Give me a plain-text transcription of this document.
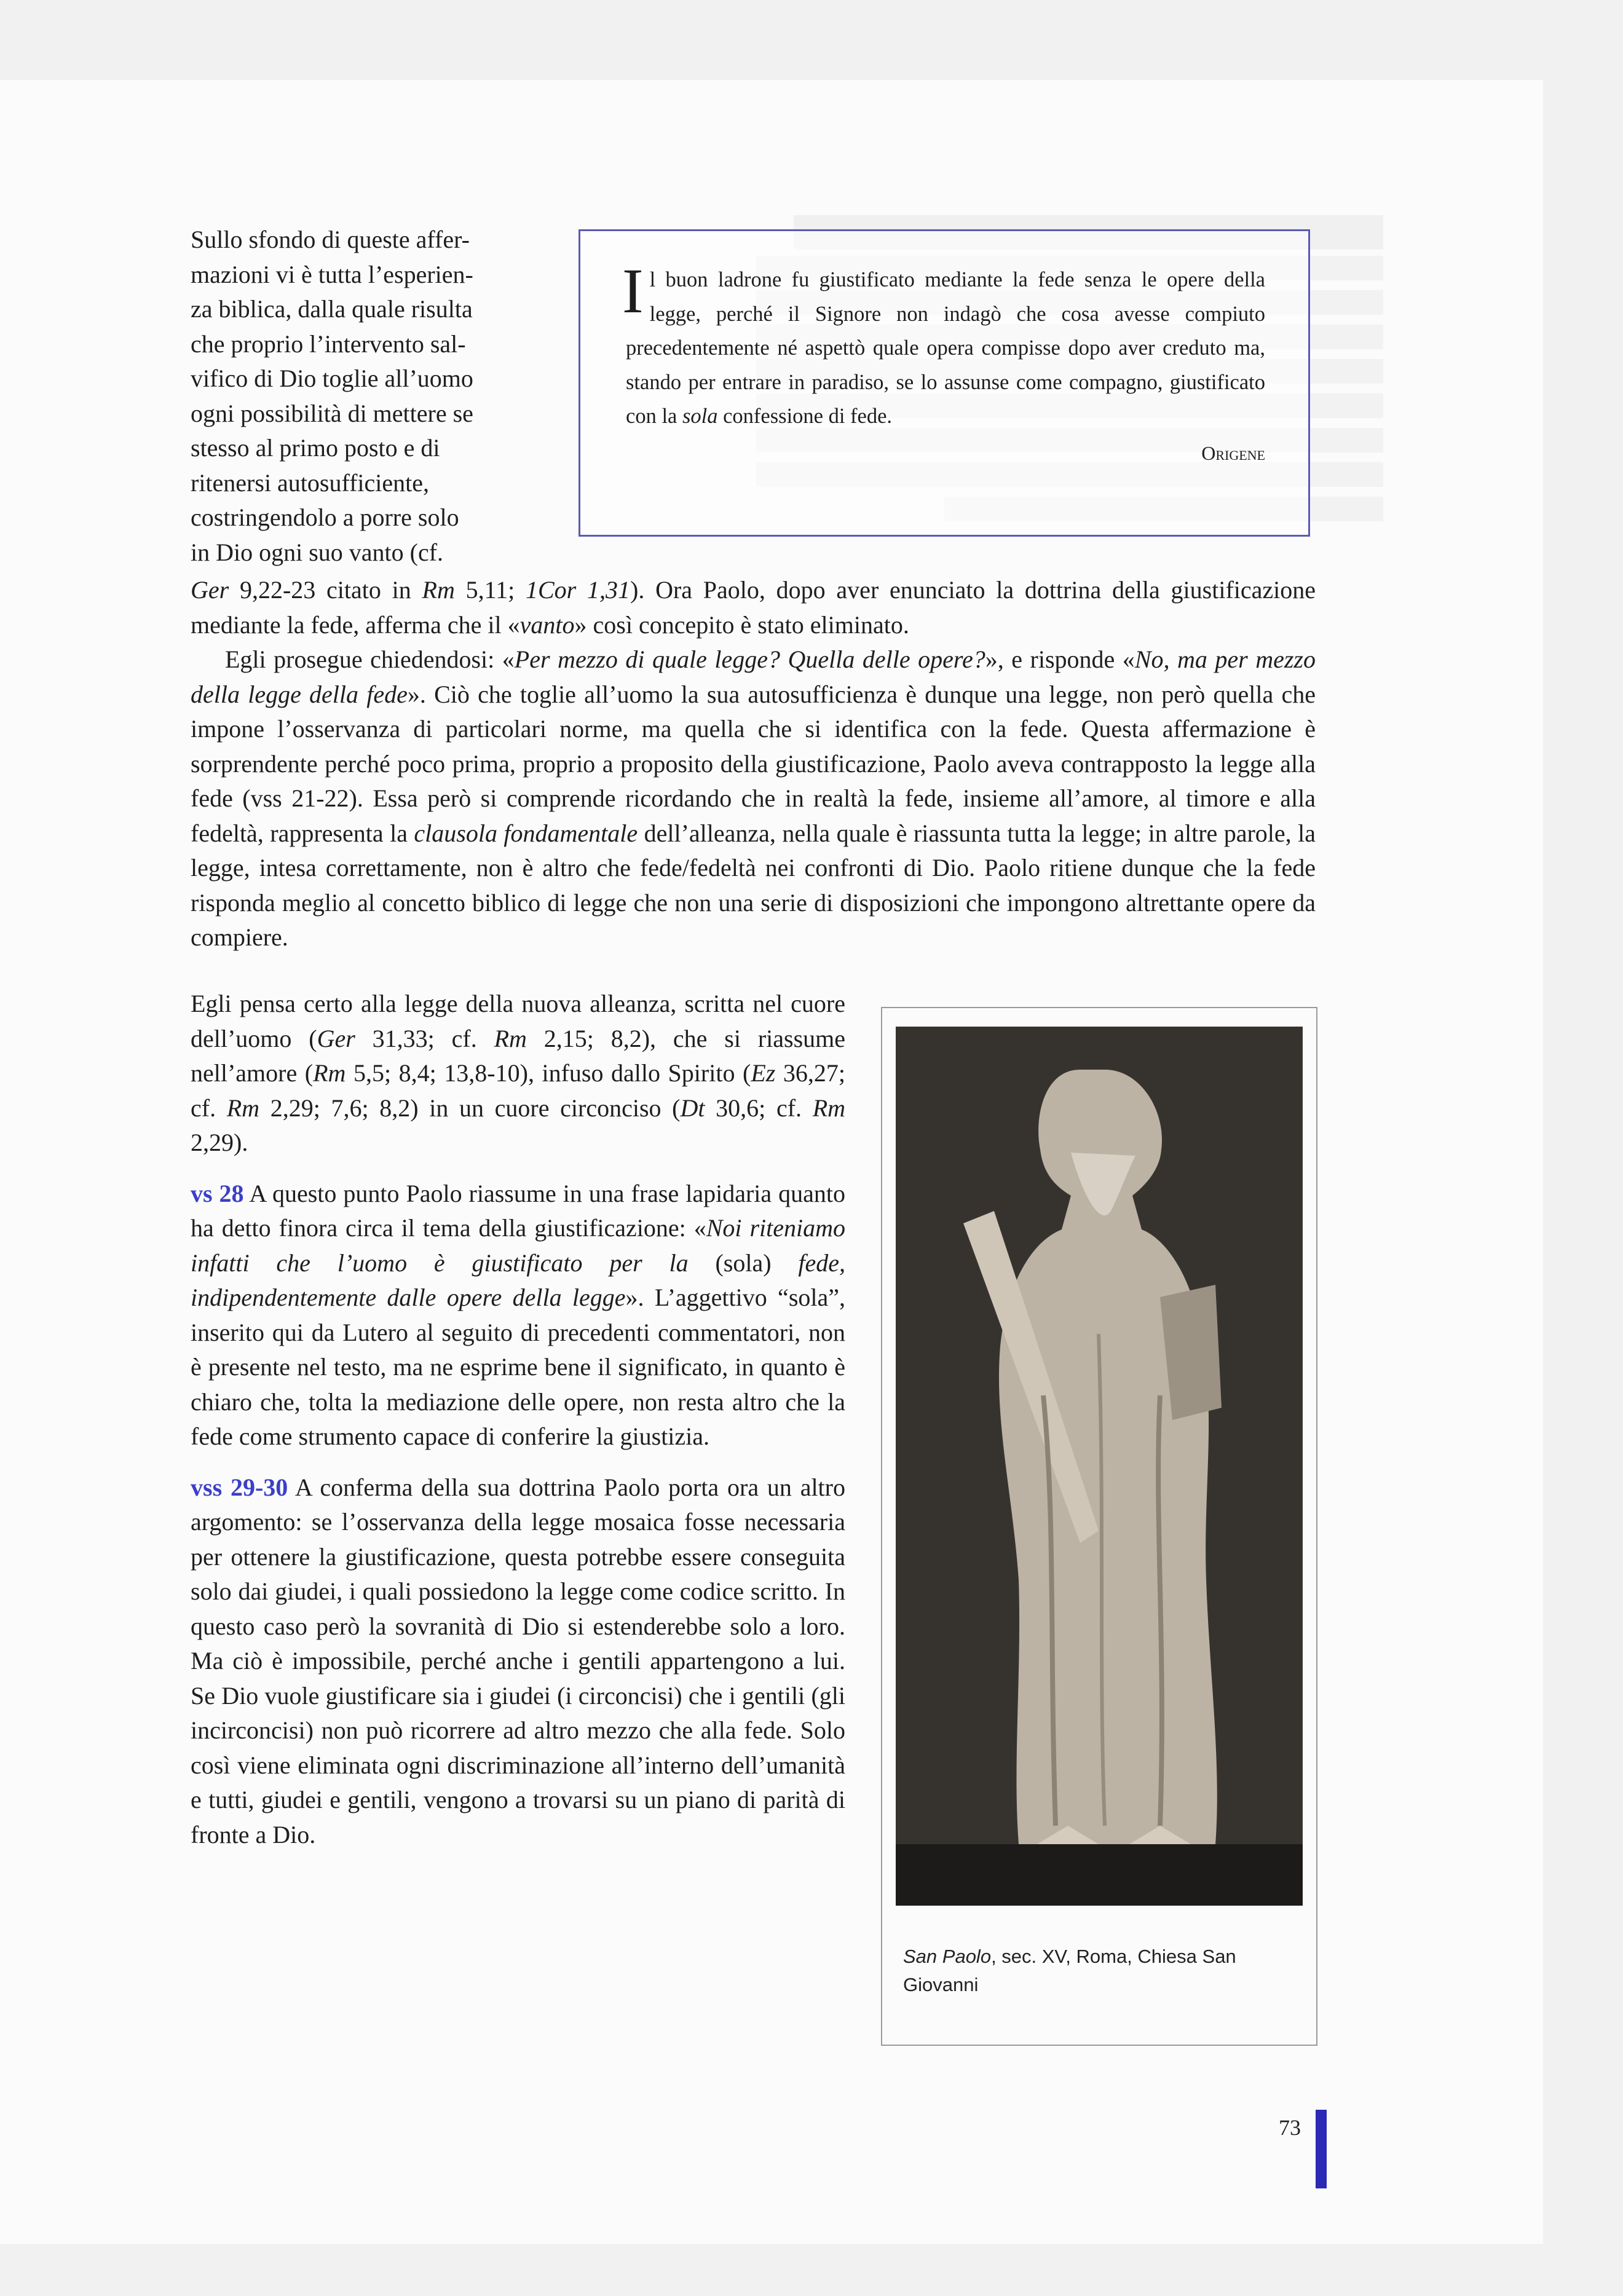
Il buon ladrone fu giustificato mediante la fede senza le opere della legge, perché il Signore non indagò che cosa avesse compiuto precedentemente né aspettò quale opera compisse dopo aver creduto ma, stando per entrare in paradiso, se lo assunse come compagno, giustificato con la sola confessione di fede.
Origene
Sullo sfondo di queste affer-
mazioni vi è tutta l’esperien-
za biblica, dalla quale risulta
che proprio l’intervento sal-
vifico di Dio toglie all’uomo
ogni possibilità di mettere se
stesso al primo posto e di
ritenersi autosufficiente,
costringendolo a porre solo
in Dio ogni suo vanto (cf.

Ger 9,22-23 citato in Rm 5,11; 1Cor 1,31). Ora Paolo, dopo aver enunciato la dottrina della giustificazione mediante la fede, afferma che il «vanto» così concepito è stato eliminato.

Egli prosegue chiedendosi: «Per mezzo di quale legge? Quella delle opere?», e risponde «No, ma per mezzo della legge della fede». Ciò che toglie all’uomo la sua autosufficienza è dunque una legge, non però quella che impone l’osservanza di particolari norme, ma quella che si identifica con la fede. Questa affermazione è sorprendente perché poco prima, proprio a proposito della giustificazione, Paolo aveva contrapposto la legge alla fede (vss 21-22). Essa però si comprende ricordando che in realtà la fede, insieme all’amore, al timore e alla fedeltà, rappresenta la clausola fondamentale dell’alleanza, nella quale è riassunta tutta la legge; in altre parole, la legge, intesa correttamente, non è altro che fede/fedeltà nei confronti di Dio. Paolo ritiene dunque che la fede risponda meglio al concetto biblico di legge che non una serie di disposizioni che impongono altrettante opere da compiere.

Egli pensa certo alla legge della nuova alleanza, scritta nel cuore dell’uomo (Ger 31,33; cf. Rm 2,15; 8,2), che si riassume nell’amore (Rm 5,5; 8,4; 13,8-10), infuso dallo Spirito (Ez 36,27; cf. Rm 2,29; 7,6; 8,2) in un cuore circonciso (Dt 30,6; cf. Rm 2,29).

vs 28 A questo punto Paolo riassume in una frase lapidaria quanto ha detto finora circa il tema della giustificazione: «Noi riteniamo infatti che l’uomo è giustificato per la (sola) fede, indipendentemente dalle opere della legge». L’aggettivo “sola”, inserito qui da Lutero al seguito di precedenti commentatori, non è presente nel testo, ma ne esprime bene il significato, in quanto è chiaro che, tolta la mediazione delle opere, non resta altro che la fede come strumento capace di conferire la giustizia.

vss 29-30 A conferma della sua dottrina Paolo porta ora un altro argomento: se l’osservanza della legge mosaica fosse necessaria per ottenere la giustificazione, questa potrebbe essere conseguita solo dai giudei, i quali possiedono la legge come codice scritto. In questo caso però la sovranità di Dio si estenderebbe solo a loro. Ma ciò è impossibile, perché anche i gentili appartengono a lui. Se Dio vuole giustificare sia i giudei (i circoncisi) che i gentili (gli incirconcisi) non può ricorrere ad altro mezzo che alla fede. Solo così viene eliminata ogni discriminazione all’interno dell’umanità e tutti, giudei e gentili, vengono a trovarsi su un piano di parità di fronte a Dio.

San Paolo, sec. XV, Roma, Chiesa San Giovanni
73
